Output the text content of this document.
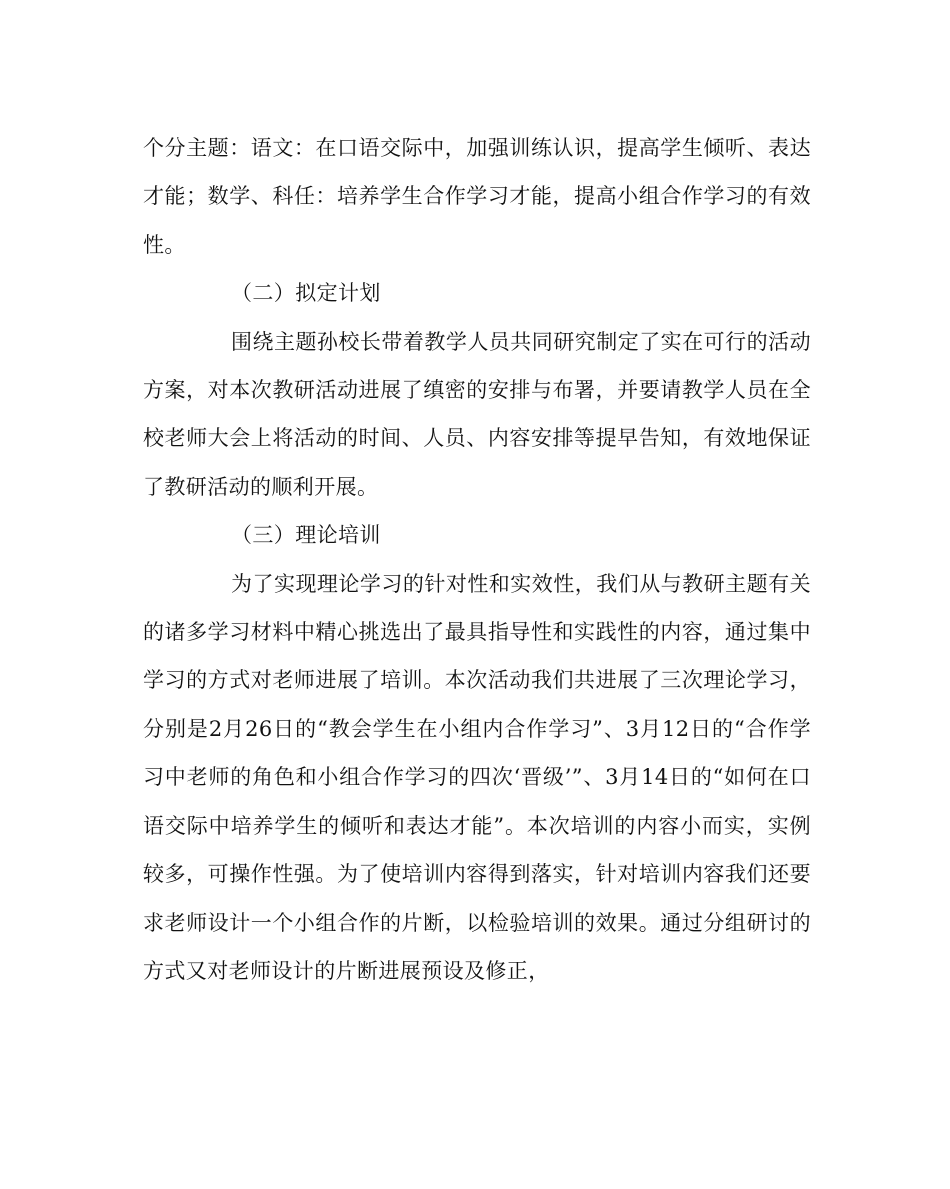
个分主题：语文：在口语交际中，加强训练认识，提高学生倾听、表达才能；数学、科任：培养学生合作学习才能，提高小组合作学习的有效性。

（二）拟定计划

围绕主题孙校长带着教学人员共同研究制定了实在可行的活动方案，对本次教研活动进展了缜密的安排与布署，并要请教学人员在全校老师大会上将活动的时间、人员、内容安排等提早告知，有效地保证了教研活动的顺利开展。

（三）理论培训

为了实现理论学习的针对性和实效性，我们从与教研主题有关的诸多学习材料中精心挑选出了最具指导性和实践性的内容，通过集中学习的方式对老师进展了培训。本次活动我们共进展了三次理论学习，分别是2月26日的“教会学生在小组内合作学习”、3月12日的“合作学习中老师的角色和小组合作学习的四次‘晋级’”、3月14日的“如何在口语交际中培养学生的倾听和表达才能”。本次培训的内容小而实，实例较多，可操作性强。为了使培训内容得到落实，针对培训内容我们还要求老师设计一个小组合作的片断，以检验培训的效果。通过分组研讨的方式又对老师设计的片断进展预设及修正，
